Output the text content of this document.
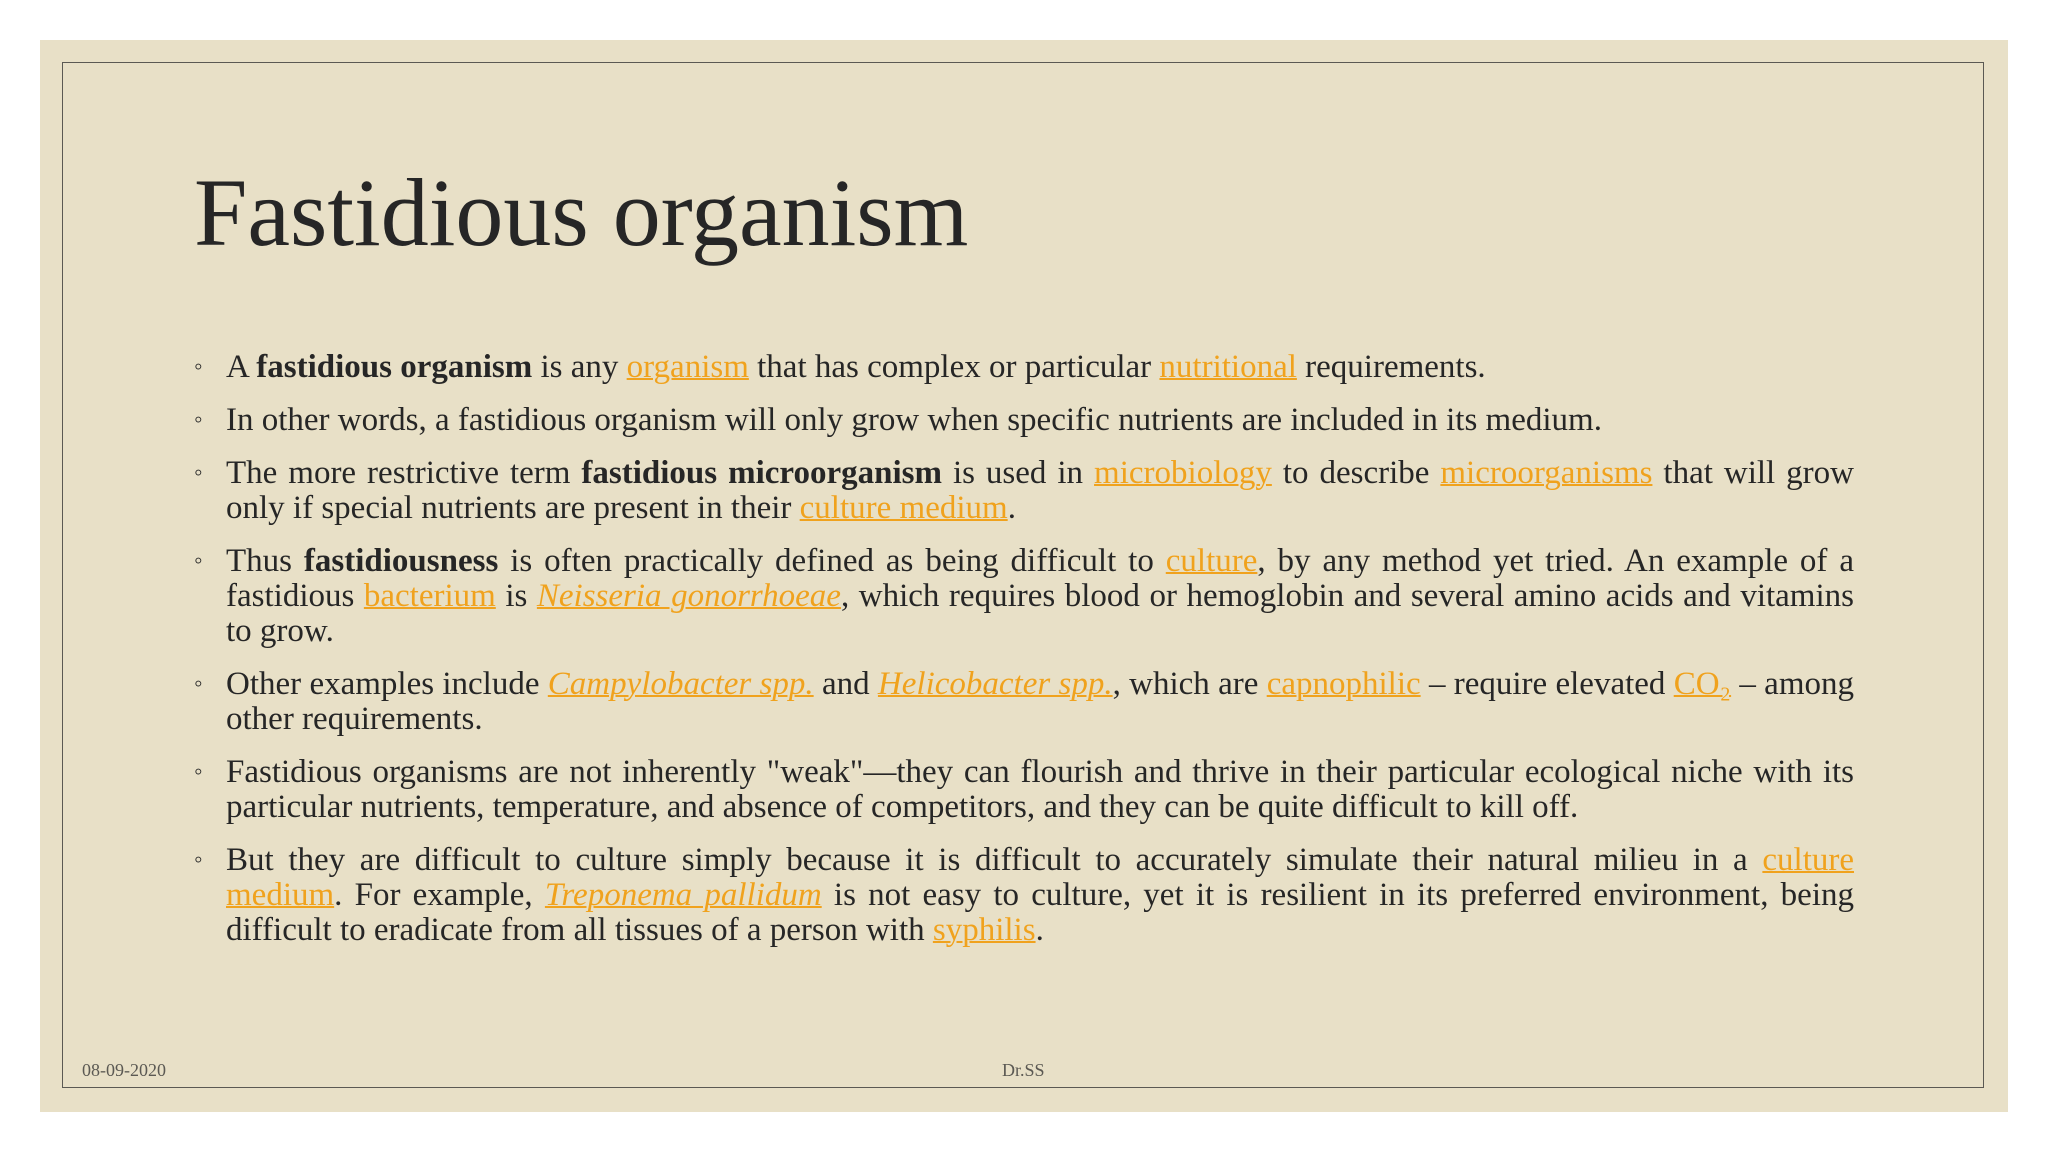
Fastidious organism
◦ A fastidious organism is any organism that has complex or particular nutritional requirements.
◦ In other words, a fastidious organism will only grow when specific nutrients are included in its medium.
◦ The more restrictive term fastidious microorganism is used in microbiology to describe microorganisms that will grow only if special nutrients are present in their culture medium.
◦ Thus fastidiousness is often practically defined as being difficult to culture, by any method yet tried. An example of a fastidious bacterium is Neisseria gonorrhoeae, which requires blood or hemoglobin and several amino acids and vitamins to grow.
◦ Other examples include Campylobacter spp. and Helicobacter spp., which are capnophilic – require elevated CO₂ – among other requirements.
◦ Fastidious organisms are not inherently "weak"—they can flourish and thrive in their particular ecological niche with its particular nutrients, temperature, and absence of competitors, and they can be quite difficult to kill off.
◦ But they are difficult to culture simply because it is difficult to accurately simulate their natural milieu in a culture medium. For example, Treponema pallidum is not easy to culture, yet it is resilient in its preferred environment, being difficult to eradicate from all tissues of a person with syphilis.
08-09-2020	Dr.SS
